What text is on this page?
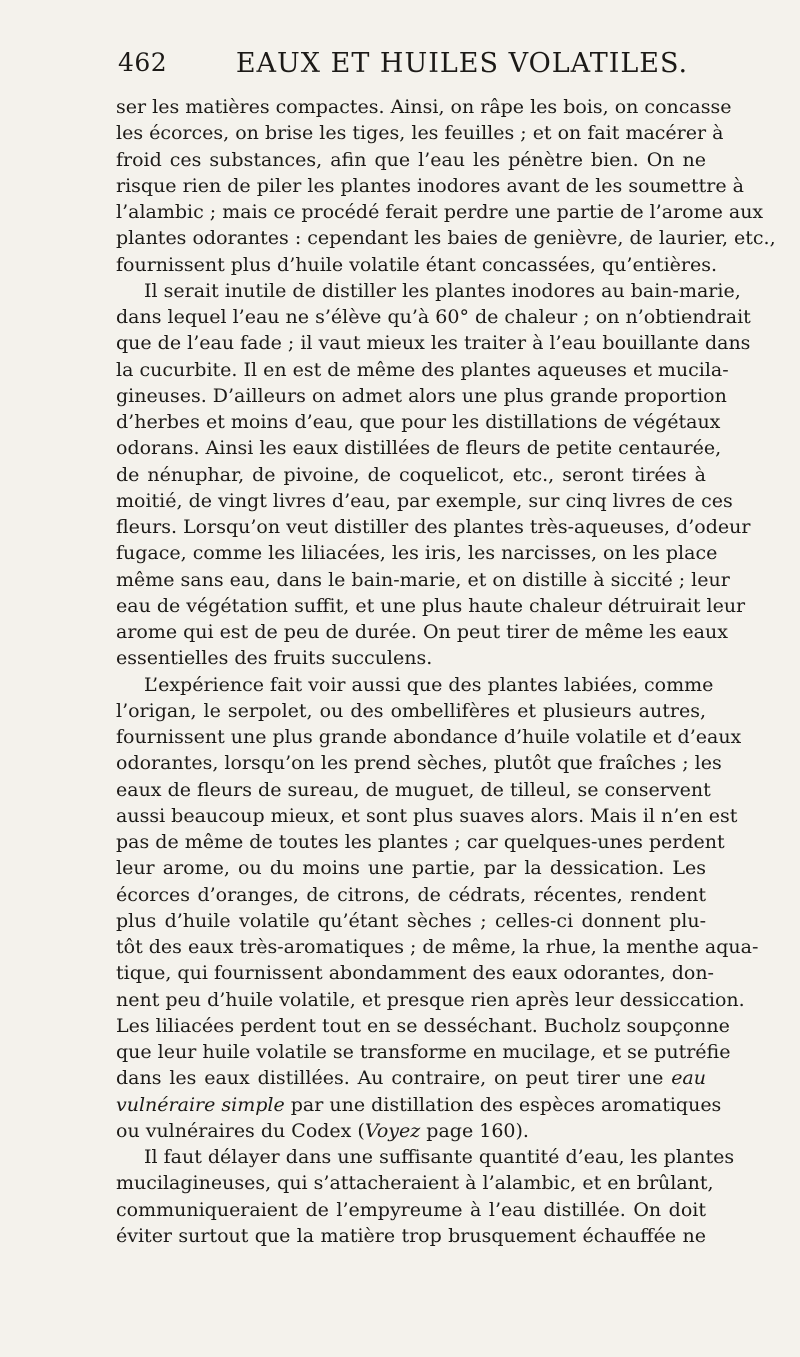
462	EAUX ET HUILES VOLATILES.

ser les matières compactes. Ainsi, on râpe les bois, on concasse
les écorces, on brise les tiges, les feuilles ; et on fait macérer à
froid ces substances, afin que l’eau les pénètre bien. On ne
risque rien de piler les plantes inodores avant de les soumettre à
l’alambic ; mais ce procédé ferait perdre une partie de l’arome aux
plantes odorantes : cependant les baies de genièvre, de laurier, etc.,
fournissent plus d’huile volatile étant concassées, qu’entières.

Il serait inutile de distiller les plantes inodores au bain-marie,
dans lequel l’eau ne s’élève qu’à 60° de chaleur ; on n’obtiendrait
que de l’eau fade ; il vaut mieux les traiter à l’eau bouillante dans
la cucurbite. Il en est de même des plantes aqueuses et mucila-
gineuses. D’ailleurs on admet alors une plus grande proportion
d’herbes et moins d’eau, que pour les distillations de végétaux
odorans. Ainsi les eaux distillées de fleurs de petite centaurée,
de nénuphar, de pivoine, de coquelicot, etc., seront tirées à
moitié, de vingt livres d’eau, par exemple, sur cinq livres de ces
fleurs. Lorsqu’on veut distiller des plantes très-aqueuses, d’odeur
fugace, comme les liliacées, les iris, les narcisses, on les place
même sans eau, dans le bain-marie, et on distille à siccité ; leur
eau de végétation suffit, et une plus haute chaleur détruirait leur
arome qui est de peu de durée. On peut tirer de même les eaux
essentielles des fruits succulens.

L’expérience fait voir aussi que des plantes labiées, comme
l’origan, le serpolet, ou des ombellifères et plusieurs autres,
fournissent une plus grande abondance d’huile volatile et d’eaux
odorantes, lorsqu’on les prend sèches, plutôt que fraîches ; les
eaux de fleurs de sureau, de muguet, de tilleul, se conservent
aussi beaucoup mieux, et sont plus suaves alors. Mais il n’en est
pas de même de toutes les plantes ; car quelques-unes perdent
leur arome, ou du moins une partie, par la dessication. Les
écorces d’oranges, de citrons, de cédrats, récentes, rendent
plus d’huile volatile qu’étant sèches ; celles-ci donnent plu-
tôt des eaux très-aromatiques ; de même, la rhue, la menthe aqua-
tique, qui fournissent abondamment des eaux odorantes, don-
nent peu d’huile volatile, et presque rien après leur dessiccation.
Les liliacées perdent tout en se desséchant. Bucholz soupçonne
que leur huile volatile se transforme en mucilage, et se putréfie
dans les eaux distillées. Au contraire, on peut tirer une eau
vulnéraire simple par une distillation des espèces aromatiques
ou vulnéraires du Codex (Voyez page 160).

Il faut délayer dans une suffisante quantité d’eau, les plantes
mucilagineuses, qui s’attacheraient à l’alambic, et en brûlant,
communiqueraient de l’empyreume à l’eau distillée. On doit
éviter surtout que la matière trop brusquement échauffée ne
